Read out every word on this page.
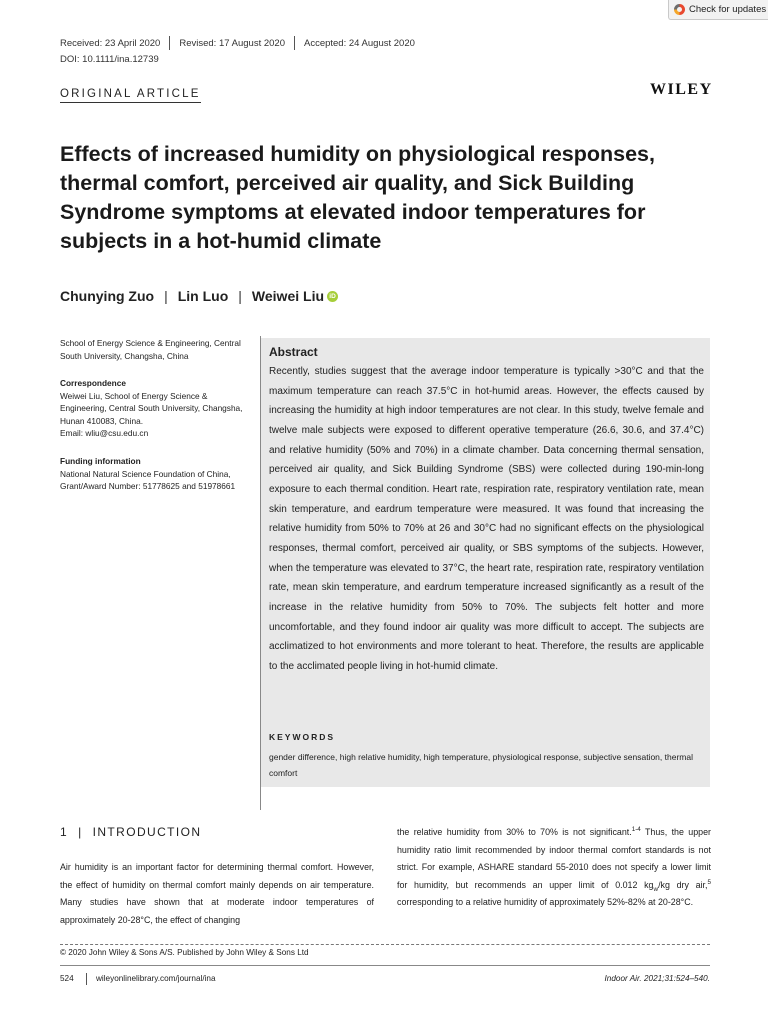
Check for updates
Received: 23 April 2020 Revised: 17 August 2020 Accepted: 24 August 2020
DOI: 10.1111/ina.12739
ORIGINAL ARTICLE	WILEY
Effects of increased humidity on physiological responses, thermal comfort, perceived air quality, and Sick Building Syndrome symptoms at elevated indoor temperatures for subjects in a hot-humid climate
Chunying Zuo | Lin Luo | Weiwei Liu iD
School of Energy Science & Engineering, Central South University, Changsha, China
Correspondence
Weiwei Liu, School of Energy Science & Engineering, Central South University, Changsha, Hunan 410083, China.
Email: wliu@csu.edu.cn
Funding information
National Natural Science Foundation of China, Grant/Award Number: 51778625 and 51978661
Abstract

Recently, studies suggest that the average indoor temperature is typically >30°C and that the maximum temperature can reach 37.5°C in hot-humid areas. However, the effects caused by increasing the humidity at high indoor temperatures are not clear. In this study, twelve female and twelve male subjects were exposed to different operative temperature (26.6, 30.6, and 37.4°C) and relative humidity (50% and 70%) in a climate chamber. Data concerning thermal sensation, perceived air quality, and Sick Building Syndrome (SBS) were collected during 190-min-long exposure to each thermal condition. Heart rate, respiration rate, respiratory ventilation rate, mean skin temperature, and eardrum temperature were measured. It was found that increasing the relative humidity from 50% to 70% at 26 and 30°C had no significant effects on the physiological responses, thermal comfort, perceived air quality, or SBS symptoms of the subjects. However, when the temperature was elevated to 37°C, the heart rate, respiration rate, respiratory ventilation rate, mean skin temperature, and eardrum temperature increased significantly as a result of the increase in the relative humidity from 50% to 70%. The subjects felt hotter and more uncomfortable, and they found indoor air quality was more difficult to accept. The subjects are acclimatized to hot environments and more tolerant to heat. Therefore, the results are applicable to the acclimated people living in hot-humid climate.

KEYWORDS

gender difference, high relative humidity, high temperature, physiological response, subjective sensation, thermal comfort

1 | INTRODUCTION

Air humidity is an important factor for determining thermal comfort. However, the effect of humidity on thermal comfort mainly depends on air temperature. Many studies have shown that at moderate indoor temperatures of approximately 20-28°C, the effect of changing

the relative humidity from 30% to 70% is not significant.$^{1-4}$ Thus, the upper humidity ratio limit recommended by indoor thermal comfort standards is not strict. For example, ASHARE standard 55-2010 does not specify a lower limit for humidity, but recommends an upper limit of 0.012 $kg_w/kg$ dry air,$^5$ corresponding to a relative humidity of approximately 52%-82% at 20-28°C.

© 2020 John Wiley & Sons A/S. Published by John Wiley & Sons Ltd
524	wileyonlinelibrary.com/journal/ina	Indoor Air. 2021;31:524–540.
